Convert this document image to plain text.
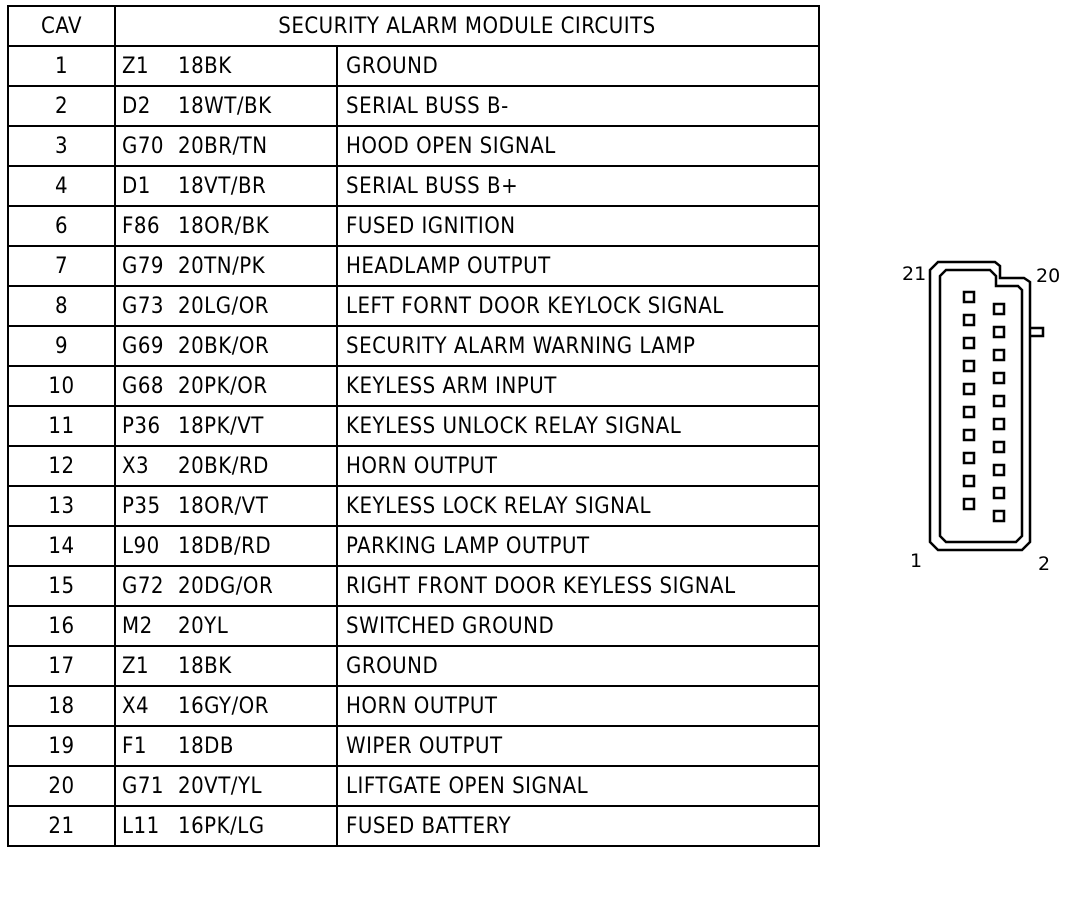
CAV	SECURITY ALARM MODULE CIRCUITS	
1	Z1 18BK	GROUND
2	D2 18WT/BK	SERIAL BUSS B-
3	G70 20BR/TN	HOOD OPEN SIGNAL
4	D1 18VT/BR	SERIAL BUSS B+
6	F86 18OR/BK	FUSED IGNITION
7	G79 20TN/PK	HEADLAMP OUTPUT
8	G73 20LG/OR	LEFT FORNT DOOR KEYLOCK SIGNAL
9	G69 20BK/OR	SECURITY ALARM WARNING LAMP
10	G68 20PK/OR	KEYLESS ARM INPUT
11	P36 18PK/VT	KEYLESS UNLOCK RELAY SIGNAL
12	X3 20BK/RD	HORN OUTPUT
13	P35 18OR/VT	KEYLESS LOCK RELAY SIGNAL
14	L90 18DB/RD	PARKING LAMP OUTPUT
15	G72 20DG/OR	RIGHT FRONT DOOR KEYLESS SIGNAL
16	M2 20YL	SWITCHED GROUND
17	Z1 18BK	GROUND
18	X4 16GY/OR	HORN OUTPUT
19	F1 18DB	WIPER OUTPUT
20	G71 20VT/YL	LIFTGATE OPEN SIGNAL
21	L11 16PK/LG	FUSED BATTERY
21	20
1	2
